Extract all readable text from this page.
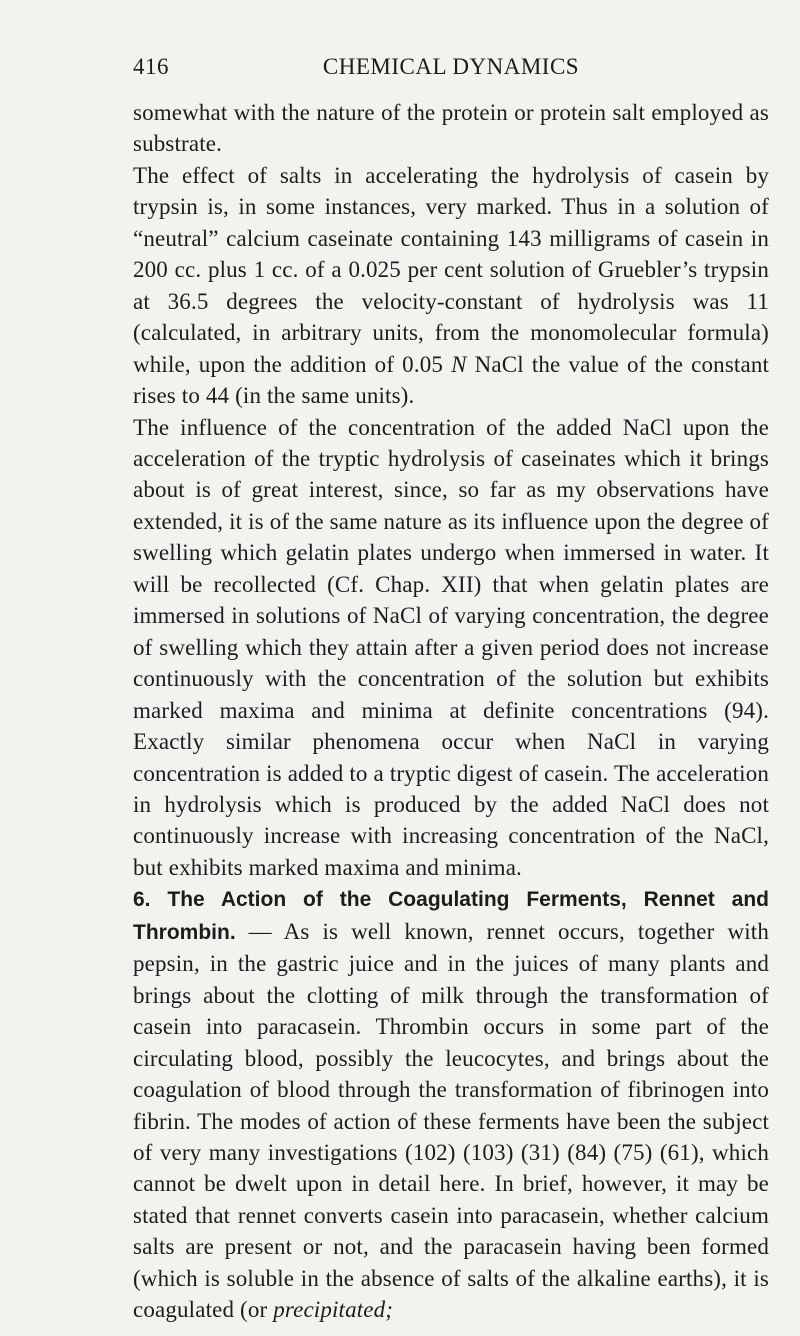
416	CHEMICAL DYNAMICS

somewhat with the nature of the protein or protein salt employed as substrate.

The effect of salts in accelerating the hydrolysis of casein by trypsin is, in some instances, very marked. Thus in a solution of “neutral” calcium caseinate containing 143 milligrams of casein in 200 cc. plus 1 cc. of a 0.025 per cent solution of Gruebler’s trypsin at 36.5 degrees the velocity-constant of hydrolysis was 11 (calculated, in arbitrary units, from the monomolecular formula) while, upon the addition of 0.05 N NaCl the value of the constant rises to 44 (in the same units).

The influence of the concentration of the added NaCl upon the acceleration of the tryptic hydrolysis of caseinates which it brings about is of great interest, since, so far as my observations have extended, it is of the same nature as its influence upon the degree of swelling which gelatin plates undergo when immersed in water. It will be recollected (Cf. Chap. XII) that when gelatin plates are immersed in solutions of NaCl of varying concentration, the degree of swelling which they attain after a given period does not increase continuously with the concentration of the solution but exhibits marked maxima and minima at definite concentrations (94). Exactly similar phenomena occur when NaCl in varying concentration is added to a tryptic digest of casein. The acceleration in hydrolysis which is produced by the added NaCl does not continuously increase with increasing concentration of the NaCl, but exhibits marked maxima and minima.

6. The Action of the Coagulating Ferments, Rennet and Thrombin. — As is well known, rennet occurs, together with pepsin, in the gastric juice and in the juices of many plants and brings about the clotting of milk through the transformation of casein into paracasein. Thrombin occurs in some part of the circulating blood, possibly the leucocytes, and brings about the coagulation of blood through the transformation of fibrinogen into fibrin. The modes of action of these ferments have been the subject of very many investigations (102) (103) (31) (84) (75) (61), which cannot be dwelt upon in detail here. In brief, however, it may be stated that rennet converts casein into paracasein, whether calcium salts are present or not, and the paracasein having been formed (which is soluble in the absence of salts of the alkaline earths), it is coagulated (or precipitated;
